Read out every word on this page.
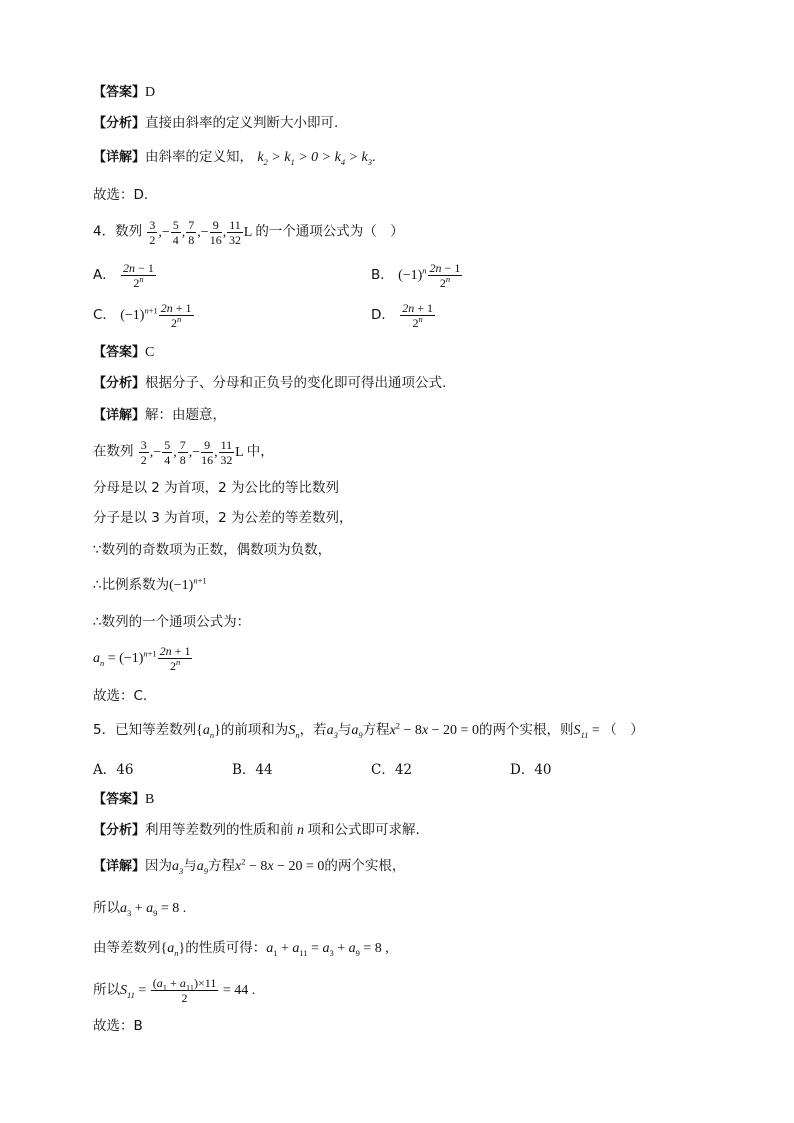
【答案】D
【分析】直接由斜率的定义判断大小即可.
【详解】由斜率的定义知， $k_2 > k_1 > 0 > k_4 > k_3$.
故选：D.
4．数列 $\frac{3}{2}$ ,− $\frac{5}{4}$ , $\frac{7}{8}$ ,− $\frac{9}{16}$ , $\frac{11}{32}$ L 的一个通项公式为（　）
A． $\frac{2n - 1}{2^n}$	B． $(-1)^n \frac{2n - 1}{2^n}$
C． $(-1)^{n+1} \frac{2n + 1}{2^n}$	D． $\frac{2n + 1}{2^n}$
【答案】C
【分析】根据分子、分母和正负号的变化即可得出通项公式.
【详解】解：由题意，
在数列 $\frac{3}{2}$ ,− $\frac{5}{4}$ , $\frac{7}{8}$ ,− $\frac{9}{16}$ , $\frac{11}{32}$ L 中，
分母是以 2 为首项，2 为公比的等比数列
分子是以 3 为首项，2 为公差的等差数列，
∵数列的奇数项为正数，偶数项为负数，
∴比例系数为$(-1)^{n+1}$
∴数列的一个通项公式为：
$a_n = (-1)^{n+1} \frac{2n + 1}{2^n}$
故选：C.
5．已知等差数列$\{a_n\}$的前项和为$S_n$，若$a_3$与$a_9$方程$x^2 - 8x - 20 = 0$的两个实根，则$S_{11}$ = （　）
A．46	B．44	C．42	D．40
【答案】B
【分析】利用等差数列的性质和前 n 项和公式即可求解.
【详解】因为$a_3$与$a_9$方程$x^2 - 8x - 20 = 0$的两个实根，
所以$a_3 + a_9 = 8$ .
由等差数列$\{a_n\}$的性质可得：$a_1 + a_{11} = a_3 + a_9 = 8$ ,
所以$S_{11} = \frac{(a_1 + a_{11})\times 11}{2} = 44$ .
故选：B
